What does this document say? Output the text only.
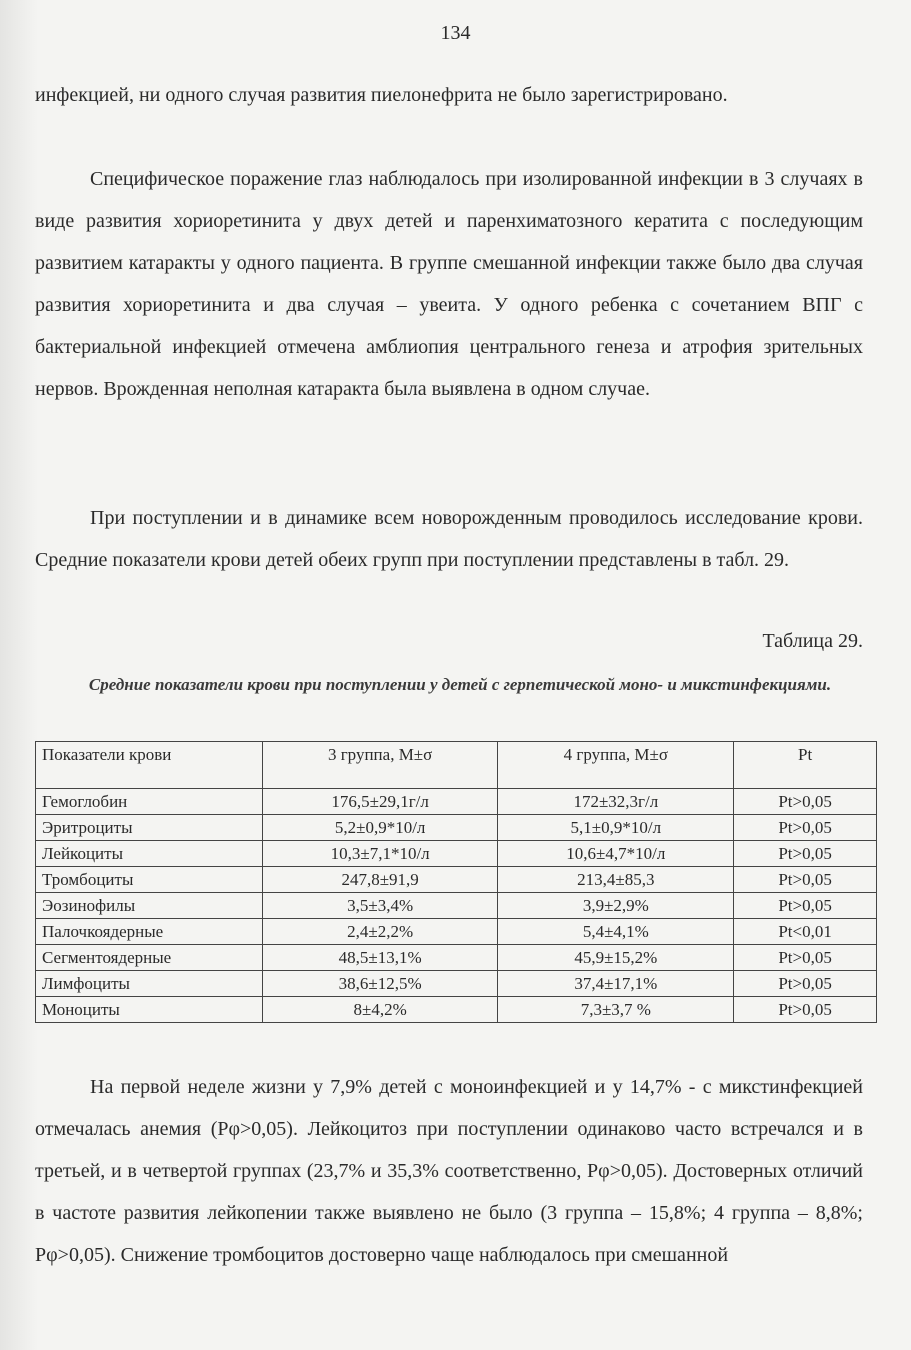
134

инфекцией, ни одного случая развития пиелонефрита не было зарегистрировано.

Специфическое поражение глаз наблюдалось при изолированной инфекции в 3 случаях в виде развития хориоретинита у двух детей и паренхиматозного кератита с последующим развитием катаракты у одного пациента. В группе смешанной инфекции также было два случая развития хориоретинита и два случая – увеита. У одного ребенка с сочетанием ВПГ с бактериальной инфекцией отмечена амблиопия центрального генеза и атрофия зрительных нервов. Врожденная неполная катаракта была выявлена в одном случае.

При поступлении и в динамике всем новорожденным проводилось исследование крови. Средние показатели крови детей обеих групп при поступлении представлены в табл. 29.

Таблица 29.
Средние показатели крови при поступлении у детей с герпетической моно- и микстинфекциями.
Показатели крови	3 группа, M±σ	4 группа, M±σ	Pt
Гемоглобин	176,5±29,1г/л	172±32,3г/л	Pt>0,05
Эритроциты	5,2±0,9*10/л	5,1±0,9*10/л	Pt>0,05
Лейкоциты	10,3±7,1*10/л	10,6±4,7*10/л	Pt>0,05
Тромбоциты	247,8±91,9	213,4±85,3	Pt>0,05
Эозинофилы	3,5±3,4%	3,9±2,9%	Pt>0,05
Палочкоядерные	2,4±2,2%	5,4±4,1%	Pt<0,01
Сегментоядерные	48,5±13,1%	45,9±15,2%	Pt>0,05
Лимфоциты	38,6±12,5%	37,4±17,1%	Pt>0,05
Моноциты	8±4,2%	7,3±3,7 %	Pt>0,05

На первой неделе жизни у 7,9% детей с моноинфекцией и у 14,7% - с микстинфекцией отмечалась анемия (Рφ>0,05). Лейкоцитоз при поступлении одинаково часто встречался и в третьей, и в четвертой группах (23,7% и 35,3% соответственно, Рφ>0,05). Достоверных отличий в частоте развития лейкопении также выявлено не было (3 группа – 15,8%; 4 группа – 8,8%; Рφ>0,05). Снижение тромбоцитов достоверно чаще наблюдалось при смешанной
